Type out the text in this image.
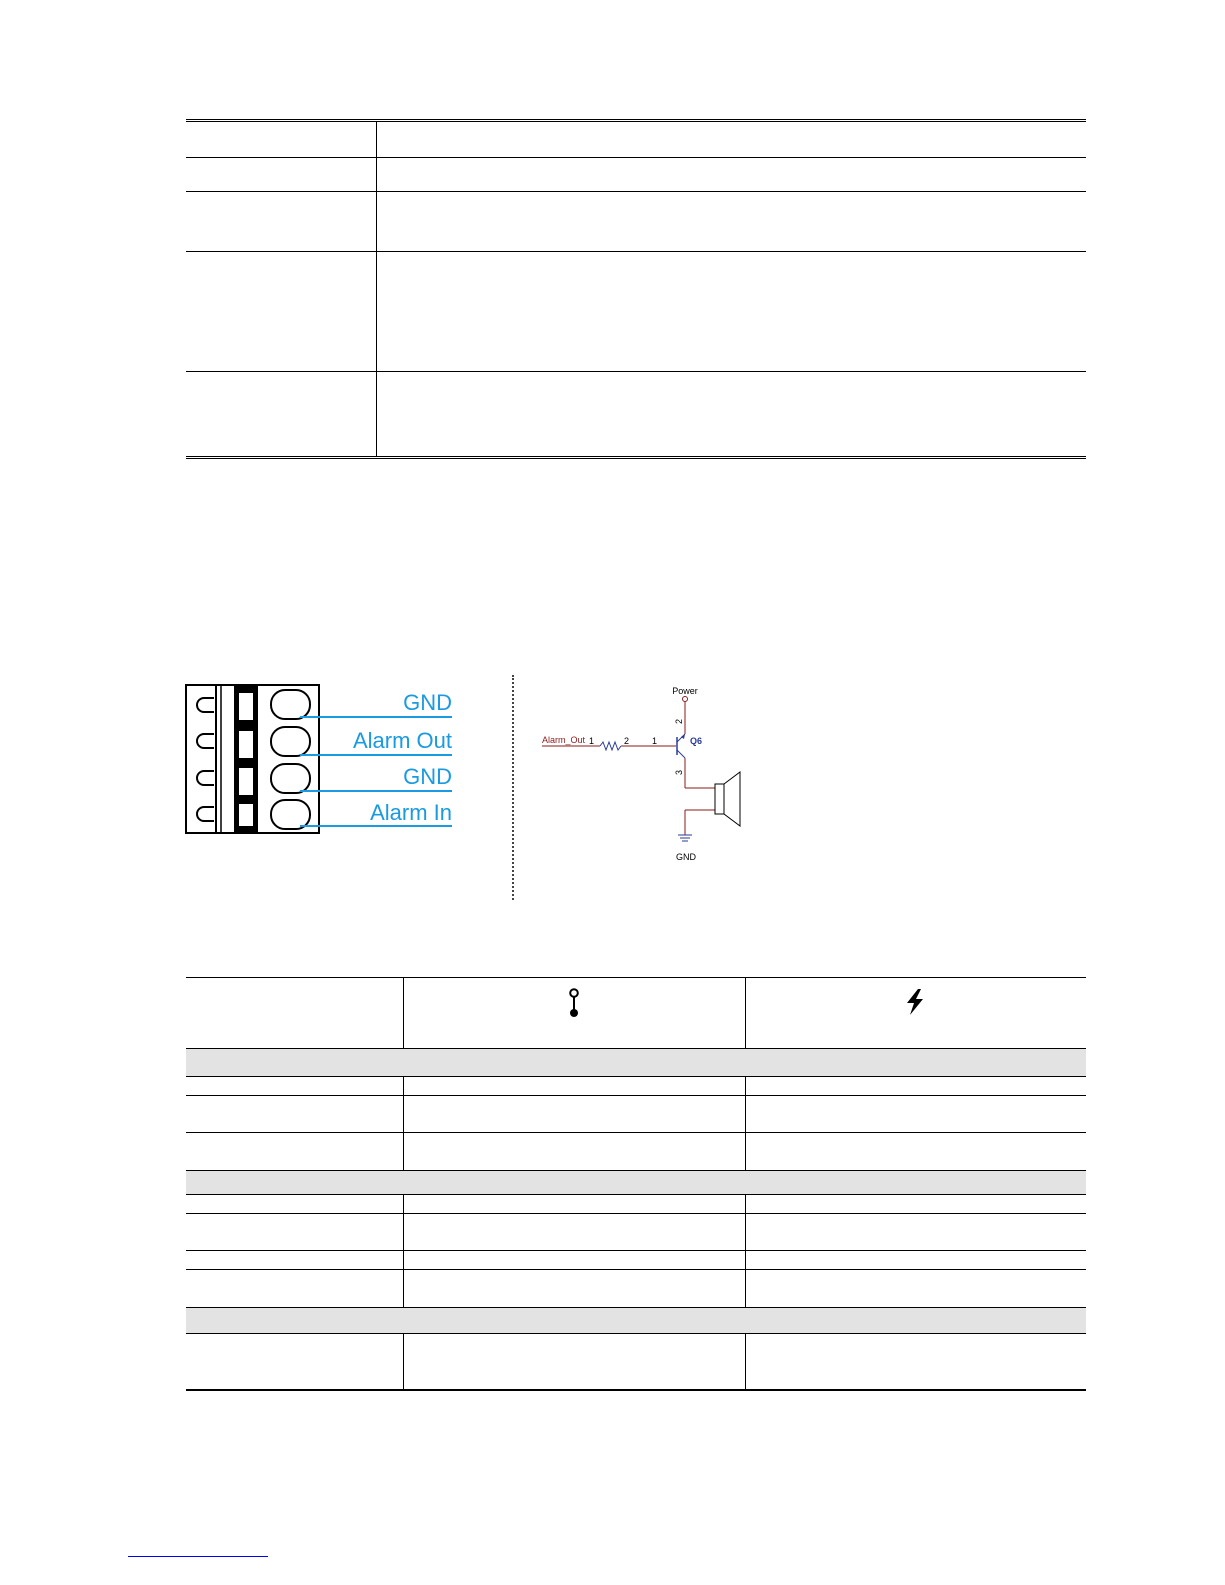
GND
Alarm Out
GND
Alarm In
Power
Alarm_Out 1	2	1
2
3
Q6
GND
